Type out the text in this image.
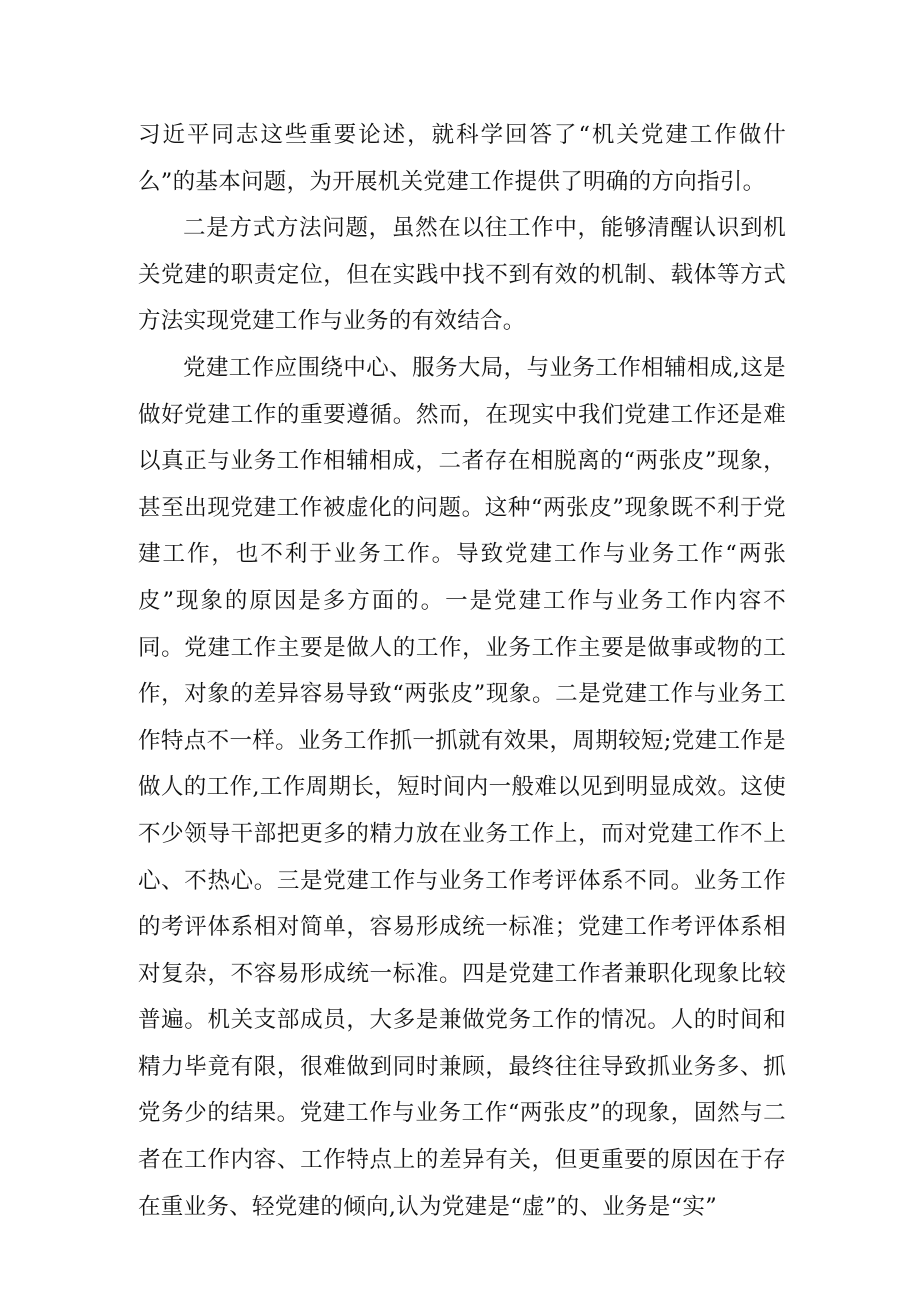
习近平同志这些重要论述，就科学回答了“机关党建工作做什么”的基本问题，为开展机关党建工作提供了明确的方向指引。

二是方式方法问题，虽然在以往工作中，能够清醒认识到机关党建的职责定位，但在实践中找不到有效的机制、载体等方式方法实现党建工作与业务的有效结合。

党建工作应围绕中心、服务大局，与业务工作相辅相成,这是做好党建工作的重要遵循。然而，在现实中我们党建工作还是难以真正与业务工作相辅相成，二者存在相脱离的“两张皮”现象，甚至出现党建工作被虚化的问题。这种“两张皮”现象既不利于党建工作，也不利于业务工作。导致党建工作与业务工作“两张皮”现象的原因是多方面的。一是党建工作与业务工作内容不同。党建工作主要是做人的工作，业务工作主要是做事或物的工作，对象的差异容易导致“两张皮”现象。二是党建工作与业务工作特点不一样。业务工作抓一抓就有效果，周期较短;党建工作是做人的工作,工作周期长，短时间内一般难以见到明显成效。这使不少领导干部把更多的精力放在业务工作上，而对党建工作不上心、不热心。三是党建工作与业务工作考评体系不同。业务工作的考评体系相对简单，容易形成统一标准；党建工作考评体系相对复杂，不容易形成统一标准。四是党建工作者兼职化现象比较普遍。机关支部成员，大多是兼做党务工作的情况。人的时间和精力毕竟有限，很难做到同时兼顾，最终往往导致抓业务多、抓党务少的结果。党建工作与业务工作“两张皮”的现象，固然与二者在工作内容、工作特点上的差异有关，但更重要的原因在于存在重业务、轻党建的倾向,认为党建是“虚”的、业务是“实”
